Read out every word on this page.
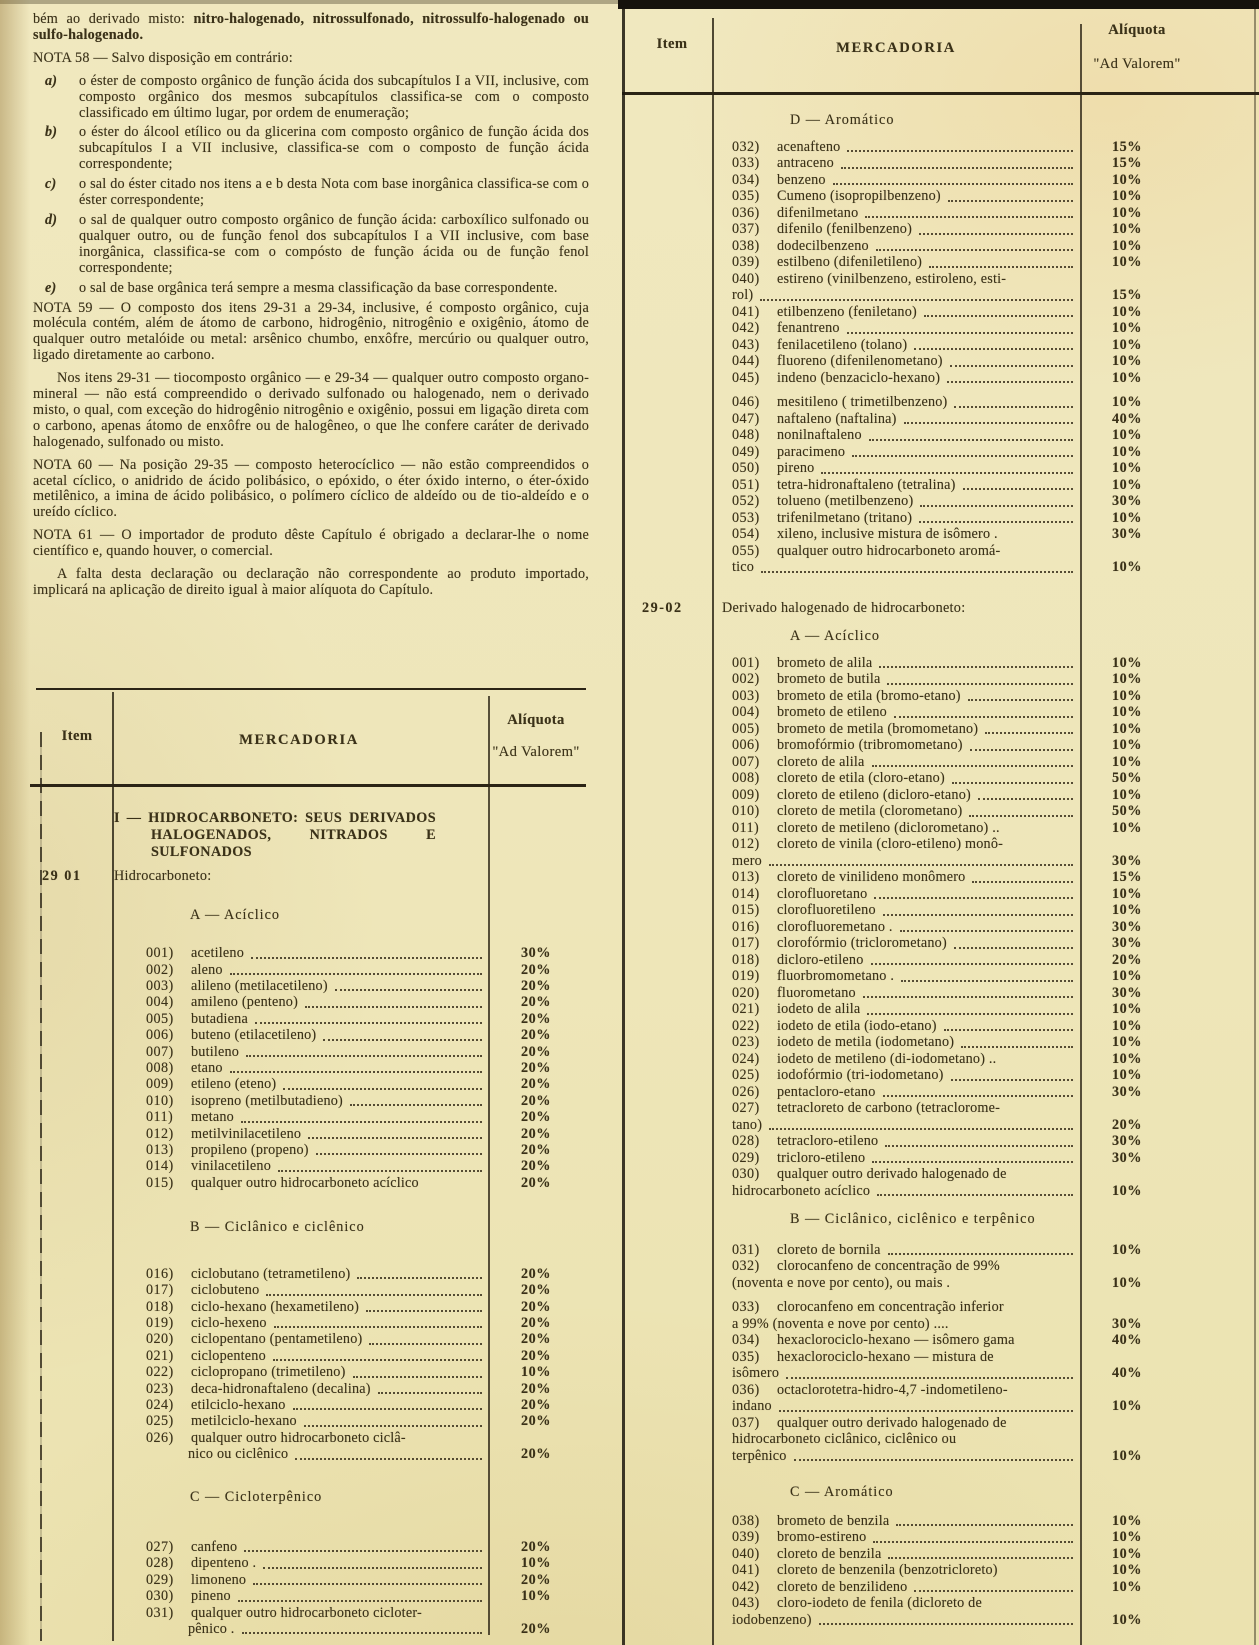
bém ao derivado misto: nitro-halogenado, nitrossulfonado, nitrossulfo-halogenado ou sulfo-halogenado.

NOTA 58 — Salvo disposição em contrário:

a)	o éster de composto orgânico de função ácida dos subcapítulos I a VII, inclusive, com composto orgânico dos mesmos subcapítulos classifica-se com o composto classificado em último lugar, por ordem de enumeração;
b)	o éster do álcool etílico ou da glicerina com composto orgânico de função ácida dos subcapítulos I a VII inclusive, classifica-se com o composto de função ácida correspondente;
c)	o sal do éster citado nos itens a e b desta Nota com base inorgânica classifica-se com o éster correspondente;
d)	o sal de qualquer outro composto orgânico de função ácida: carboxílico sulfonado ou qualquer outro, ou de função fenol dos subcapítulos I a VII inclusive, com base inorgânica, classifica-se com o compósto de função ácida ou de função fenol correspondente;
e)	o sal de base orgânica terá sempre a mesma classificação da base correspondente.

NOTA 59 — O composto dos itens 29-31 a 29-34, inclusive, é composto orgânico, cuja molécula contém, além de átomo de carbono, hidrogênio, nitrogênio e oxigênio, átomo de qualquer outro metalóide ou metal: arsênico chumbo, enxôfre, mercúrio ou qualquer outro, ligado diretamente ao carbono.

Nos itens 29-31 — tiocomposto orgânico — e 29-34 — qualquer outro composto organo-mineral — não está compreendido o derivado sulfonado ou halogenado, nem o derivado misto, o qual, com exceção do hidrogênio nitrogênio e oxigênio, possui em ligação direta com o carbono, apenas átomo de enxôfre ou de halogêneo, o que lhe confere caráter de derivado halogenado, sulfonado ou misto.

NOTA 60 — Na posição 29-35 — composto heterocíclico — não estão compreendidos o acetal cíclico, o anidrido de ácido polibásico, o epóxido, o éter óxido interno, o éter-óxido metilênico, a imina de ácido polibásico, o polímero cíclico de aldeído ou de tio-aldeído e o ureído cíclico.

NOTA 61 — O importador de produto dêste Capítulo é obrigado a declarar-lhe o nome científico e, quando houver, o comercial.

A falta desta declaração ou declaração não correspondente ao produto importado, implicará na aplicação de direito igual à maior alíquota do Capítulo.

Item	MERCADORIA
Alíquota
"Ad Valorem"
I — HIDROCARBONETO: SEUS DERIVADOS HALOGENADOS, NITRADOS E SULFONADOS
29 01 Hidrocarboneto:
A — Acíclico
001)	acetileno	30%
002)	aleno	20%
003)	alileno (metilacetileno)	20%
004)	amileno (penteno)	20%
005)	butadiena	20%
006)	buteno (etilacetileno)	20%
007)	butileno	20%
008)	etano	20%
009)	etileno (eteno)	20%
010)	isopreno (metilbutadieno)	20%
011)	metano	20%
012)	metilvinilacetileno	20%
013)	propileno (propeno)	20%
014)	vinilacetileno	20%
015)	qualquer outro hidrocarboneto acíclico	20%
B — Ciclânico e ciclênico
016)	ciclobutano (tetrametileno)	20%
017)	ciclobuteno	20%
018)	ciclo-hexano (hexametileno)	20%
019)	ciclo-hexeno	20%
020)	ciclopentano (pentametileno)	20%
021)	ciclopenteno	20%
022)	ciclopropano (trimetileno)	10%
023)	deca-hidronaftaleno (decalina)	20%
024)	etilciclo-hexano	20%
025)	metilciclo-hexano	20%
026)	qualquer outro hidrocarboneto ciclâ-
nico ou ciclênico	20%
C — Cicloterpênico
027)	canfeno	20%
028)	dipenteno .	10%
029)	limoneno	20%
030)	pineno	10%
031)	qualquer outro hidrocarboneto cicloter-
pênico .	20%
Item	MERCADORIA
Alíquota
"Ad Valorem"
D — Aromático
032)	acenafteno	15%
033)	antraceno	15%
034)	benzeno	10%
035)	Cumeno (isopropilbenzeno)	10%
036)	difenilmetano	10%
037)	difenilo (fenilbenzeno)	10%
038)	dodecilbenzeno	10%
039)	estilbeno (difeniletileno)	10%
040)	estireno (vinilbenzeno, estiroleno, esti-
rol)	15%
041)	etilbenzeno (feniletano)	10%
042)	fenantreno	10%
043)	fenilacetileno (tolano)	10%
044)	fluoreno (difenilenometano)	10%
045)	indeno (benzaciclo-hexano)	10%
046)	mesitileno ( trimetilbenzeno)	10%
047)	naftaleno (naftalina)	40%
048)	nonilnaftaleno	10%
049)	paracimeno	10%
050)	pireno	10%
051)	tetra-hidronaftaleno (tetralina)	10%
052)	tolueno (metilbenzeno)	30%
053)	trifenilmetano (tritano)	10%
054)	xileno, inclusive mistura de isômero .	30%
055)	qualquer outro hidrocarboneto aromá-
tico	10%
29-02	Derivado halogenado de hidrocarboneto:
A — Acíclico
001)	brometo de alila	10%
002)	brometo de butila	10%
003)	brometo de etila (bromo-etano)	10%
004)	brometo de etileno	10%
005)	brometo de metila (bromometano)	10%
006)	bromofórmio (tribromometano)	10%
007)	cloreto de alila	10%
008)	cloreto de etila (cloro-etano)	50%
009)	cloreto de etileno (dicloro-etano)	10%
010)	cloreto de metila (clorometano)	50%
011)	cloreto de metileno (diclorometano) ..	10%
012)	cloreto de vinila (cloro-etileno) monô-
mero	30%
013)	cloreto de vinilideno monômero	15%
014)	clorofluoretano	10%
015)	clorofluoretileno	10%
016)	clorofluoremetano .	30%
017)	clorofórmio (triclorometano)	30%
018)	dicloro-etileno	20%
019)	fluorbromometano .	10%
020)	fluorometano	30%
021)	iodeto de alila	10%
022)	iodeto de etila (iodo-etano)	10%
023)	iodeto de metila (iodometano)	10%
024)	iodeto de metileno (di-iodometano) ..	10%
025)	iodofórmio (tri-iodometano)	10%
026)	pentacloro-etano	30%
027)	tetracloreto de carbono (tetraclorome-
tano)	20%
028)	tetracloro-etileno	30%
029)	tricloro-etileno	30%
030)	qualquer outro derivado halogenado de
hidrocarboneto acíclico	10%
B — Ciclânico, ciclênico e terpênico
031)	cloreto de bornila	10%
032)	clorocanfeno de concentração de 99%
(noventa e nove por cento), ou mais .	10%
033)	clorocanfeno em concentração inferior
a 99% (noventa e nove por cento) ....	30%
034)	hexaclorociclo-hexano — isômero gama	40%
035)	hexaclorociclo-hexano — mistura de
isômero	40%
036)	octaclorotetra-hidro-4,7 -indometileno-
indano	10%
037)	qualquer outro derivado halogenado de
hidrocarboneto ciclânico, ciclênico ou
terpênico	10%
C — Aromático
038)	brometo de benzila	10%
039)	bromo-estireno	10%
040)	cloreto de benzila	10%
041)	cloreto de benzenila (benzotricloreto)	10%
042)	cloreto de benzilideno	10%
043)	cloro-iodeto de fenila (dicloreto de
iodobenzeno)	10%
